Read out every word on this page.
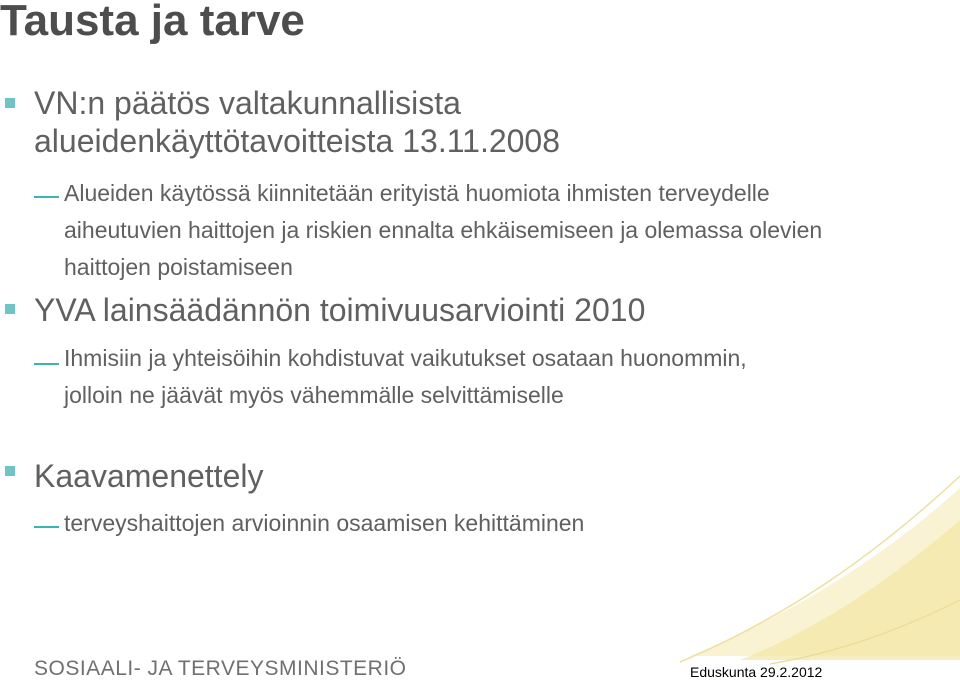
Tausta ja tarve

VN:n päätös valtakunnallisista alueidenkäyttötavoitteista 13.11.2008

Alueiden käytössä kiinnitetään erityistä huomiota ihmisten terveydelle aiheutuvien haittojen ja riskien ennalta ehkäisemiseen ja olemassa olevien haittojen poistamiseen

YVA lainsäädännön toimivuusarviointi 2010

Ihmisiin ja yhteisöihin kohdistuvat vaikutukset osataan huonommin, jolloin ne jäävät myös vähemmälle selvittämiselle

Kaavamenettely

terveyshaittojen arvioinnin osaamisen kehittäminen

SOSIAALI- JA TERVEYSMINISTERIÖ	Eduskunta 29.2.2012
